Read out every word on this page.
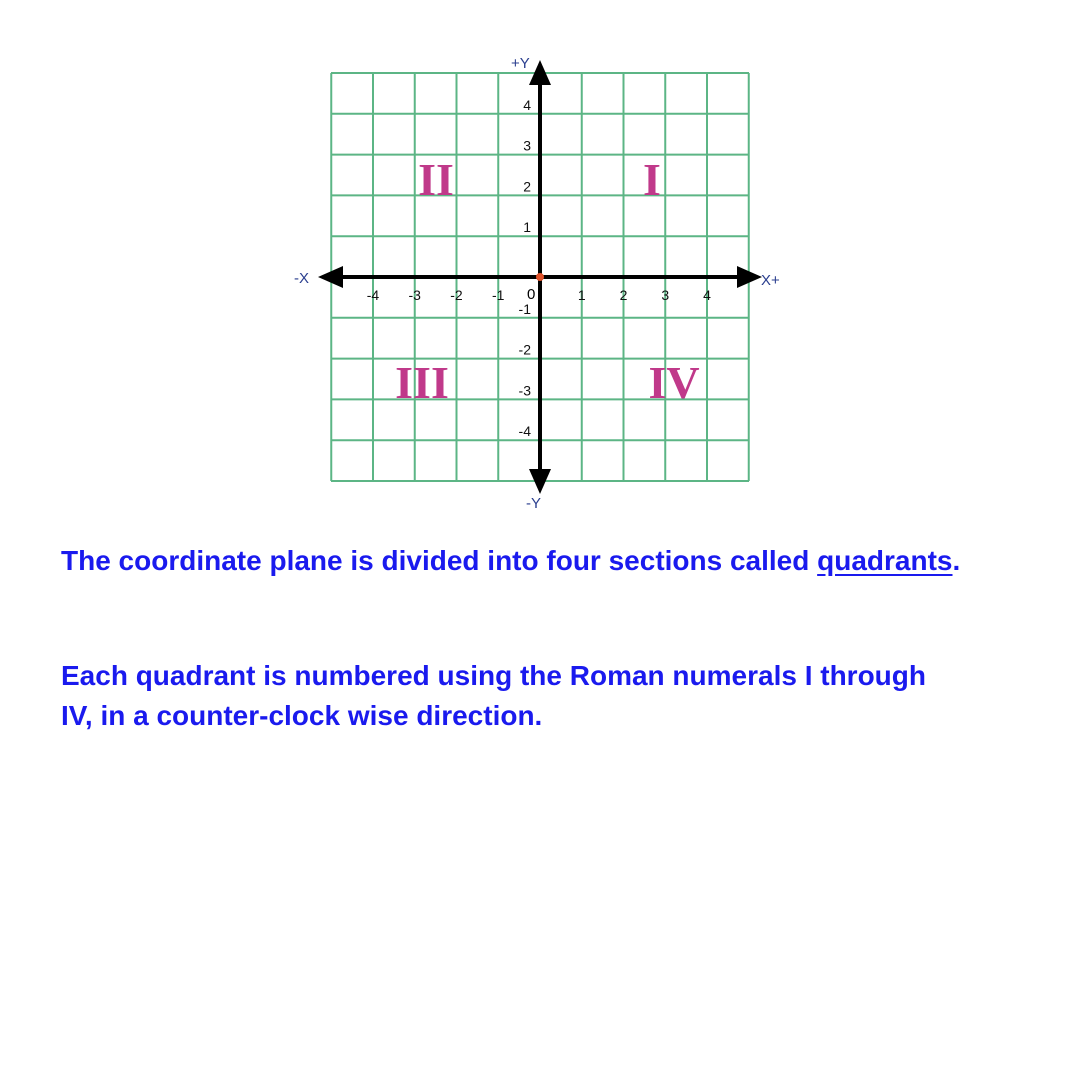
+Y
-Y
-X	X+
0
-4 -3 -2 -1	1 2 3 4
4
3
2
1
-1
-2
-3
-4
I
II
III	IV
The coordinate plane is divided into four sections called quadrants.
Each quadrant is numbered using the Roman numerals I through IV, in a counter-clock wise direction.
